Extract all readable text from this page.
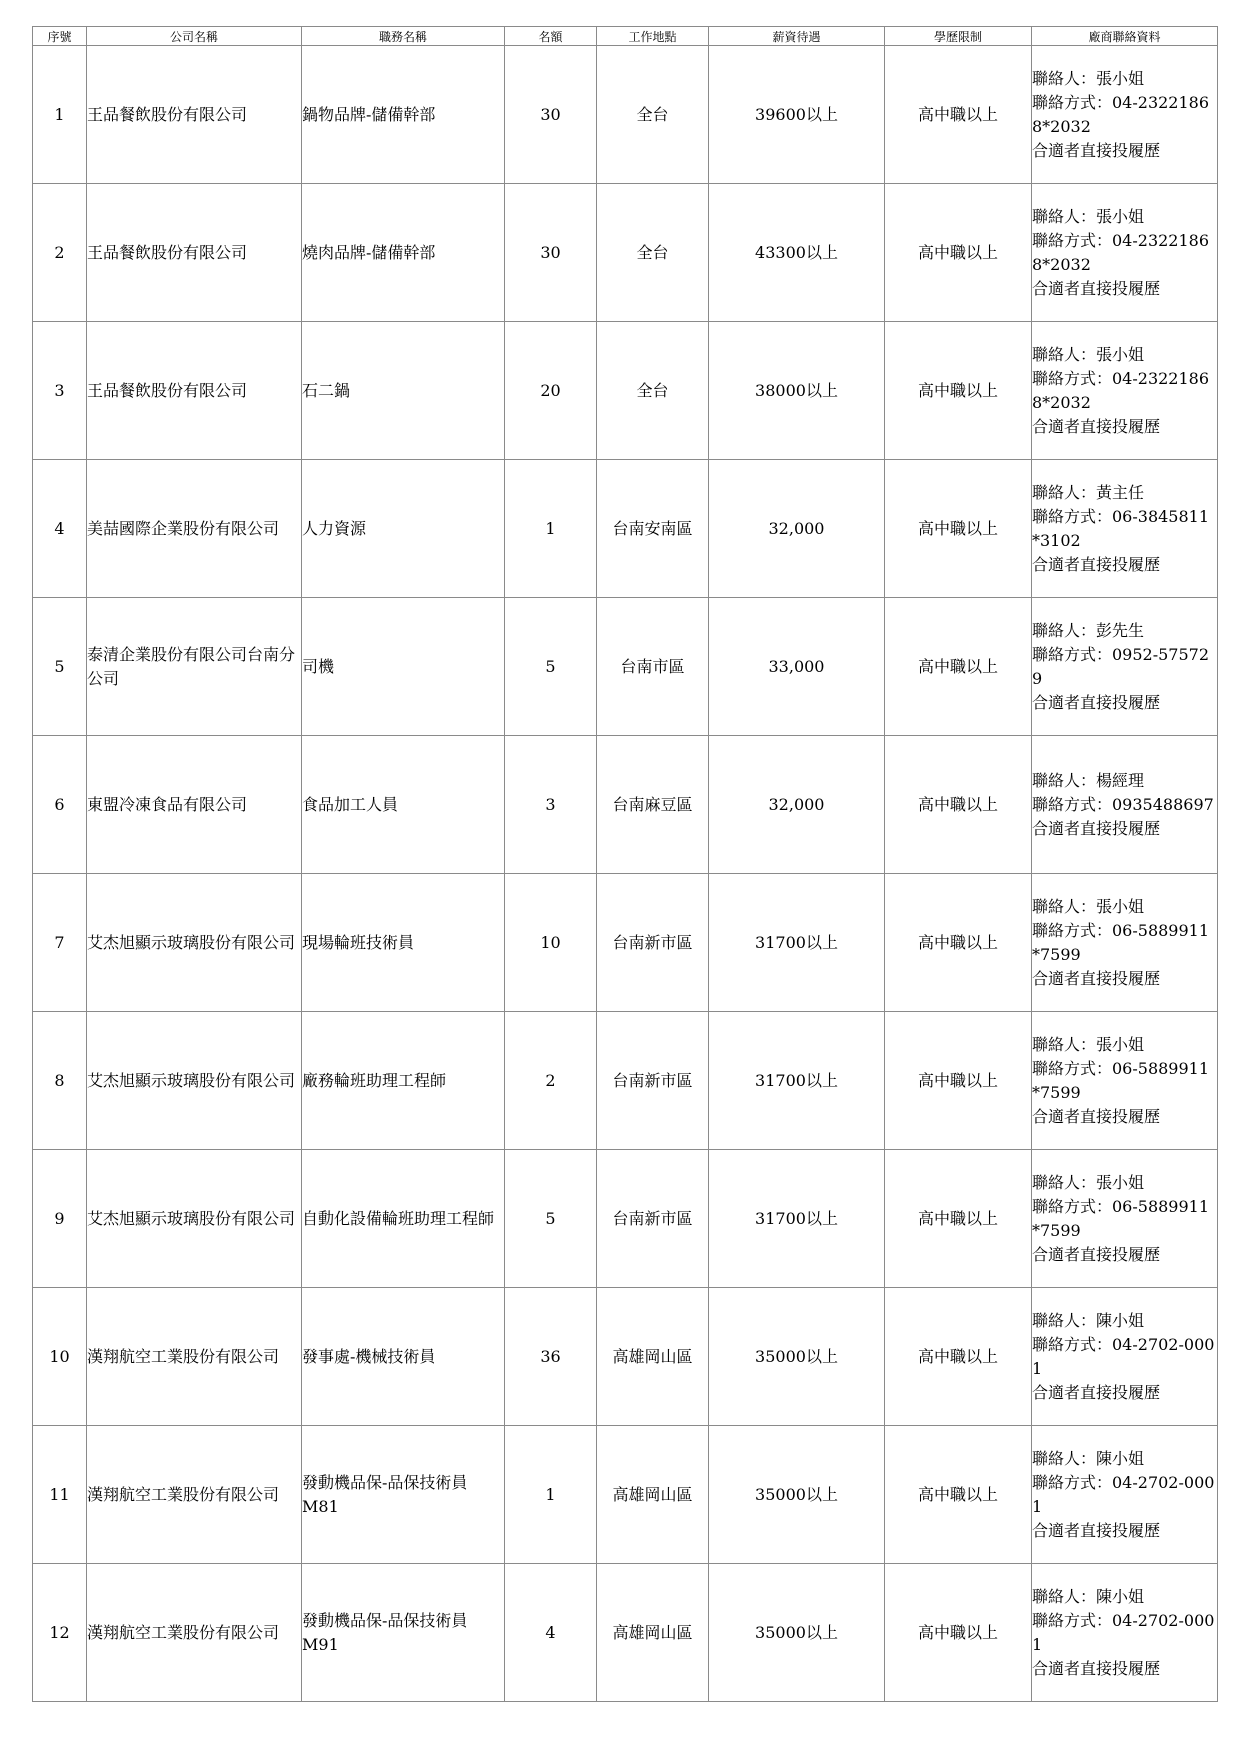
序號	公司名稱	職務名稱	名額	工作地點	薪資待遇	學歷限制	廠商聯絡資料
1	王品餐飲股份有限公司	鍋物品牌-儲備幹部	30	全台	39600以上	高中職以上	聯絡人：張小姐
聯絡方式：04-23221868*2032
合適者直接投履歷

2	王品餐飲股份有限公司	燒肉品牌-儲備幹部	30	全台	43300以上	高中職以上	聯絡人：張小姐
聯絡方式：04-23221868*2032
合適者直接投履歷

3	王品餐飲股份有限公司	石二鍋	20	全台	38000以上	高中職以上	聯絡人：張小姐
聯絡方式：04-23221868*2032
合適者直接投履歷

4	美喆國際企業股份有限公司	人力資源	1	台南安南區	32,000	高中職以上	聯絡人：黃主任
聯絡方式：06-3845811*3102
合適者直接投履歷

5	泰清企業股份有限公司台南分公司	司機	5	台南市區	33,000	高中職以上	聯絡人：彭先生
聯絡方式：0952-575729
合適者直接投履歷

6	東盟冷凍食品有限公司	食品加工人員	3	台南麻豆區	32,000	高中職以上	聯絡人：楊經理
聯絡方式：0935488697
合適者直接投履歷

7	艾杰旭顯示玻璃股份有限公司	現場輪班技術員	10	台南新市區	31700以上	高中職以上	聯絡人：張小姐
聯絡方式：06-5889911*7599
合適者直接投履歷

8	艾杰旭顯示玻璃股份有限公司	廠務輪班助理工程師	2	台南新市區	31700以上	高中職以上	聯絡人：張小姐
聯絡方式：06-5889911*7599
合適者直接投履歷

9	艾杰旭顯示玻璃股份有限公司	自動化設備輪班助理工程師	5	台南新市區	31700以上	高中職以上	聯絡人：張小姐
聯絡方式：06-5889911*7599
合適者直接投履歷

10	漢翔航空工業股份有限公司	發事處-機械技術員	36	高雄岡山區	35000以上	高中職以上	聯絡人：陳小姐
聯絡方式：04-2702-0001
合適者直接投履歷

11	漢翔航空工業股份有限公司	發動機品保-品保技術員M81	1	高雄岡山區	35000以上	高中職以上	聯絡人：陳小姐
聯絡方式：04-2702-0001
合適者直接投履歷

12	漢翔航空工業股份有限公司	發動機品保-品保技術員M91	4	高雄岡山區	35000以上	高中職以上	聯絡人：陳小姐
聯絡方式：04-2702-0001
合適者直接投履歷
